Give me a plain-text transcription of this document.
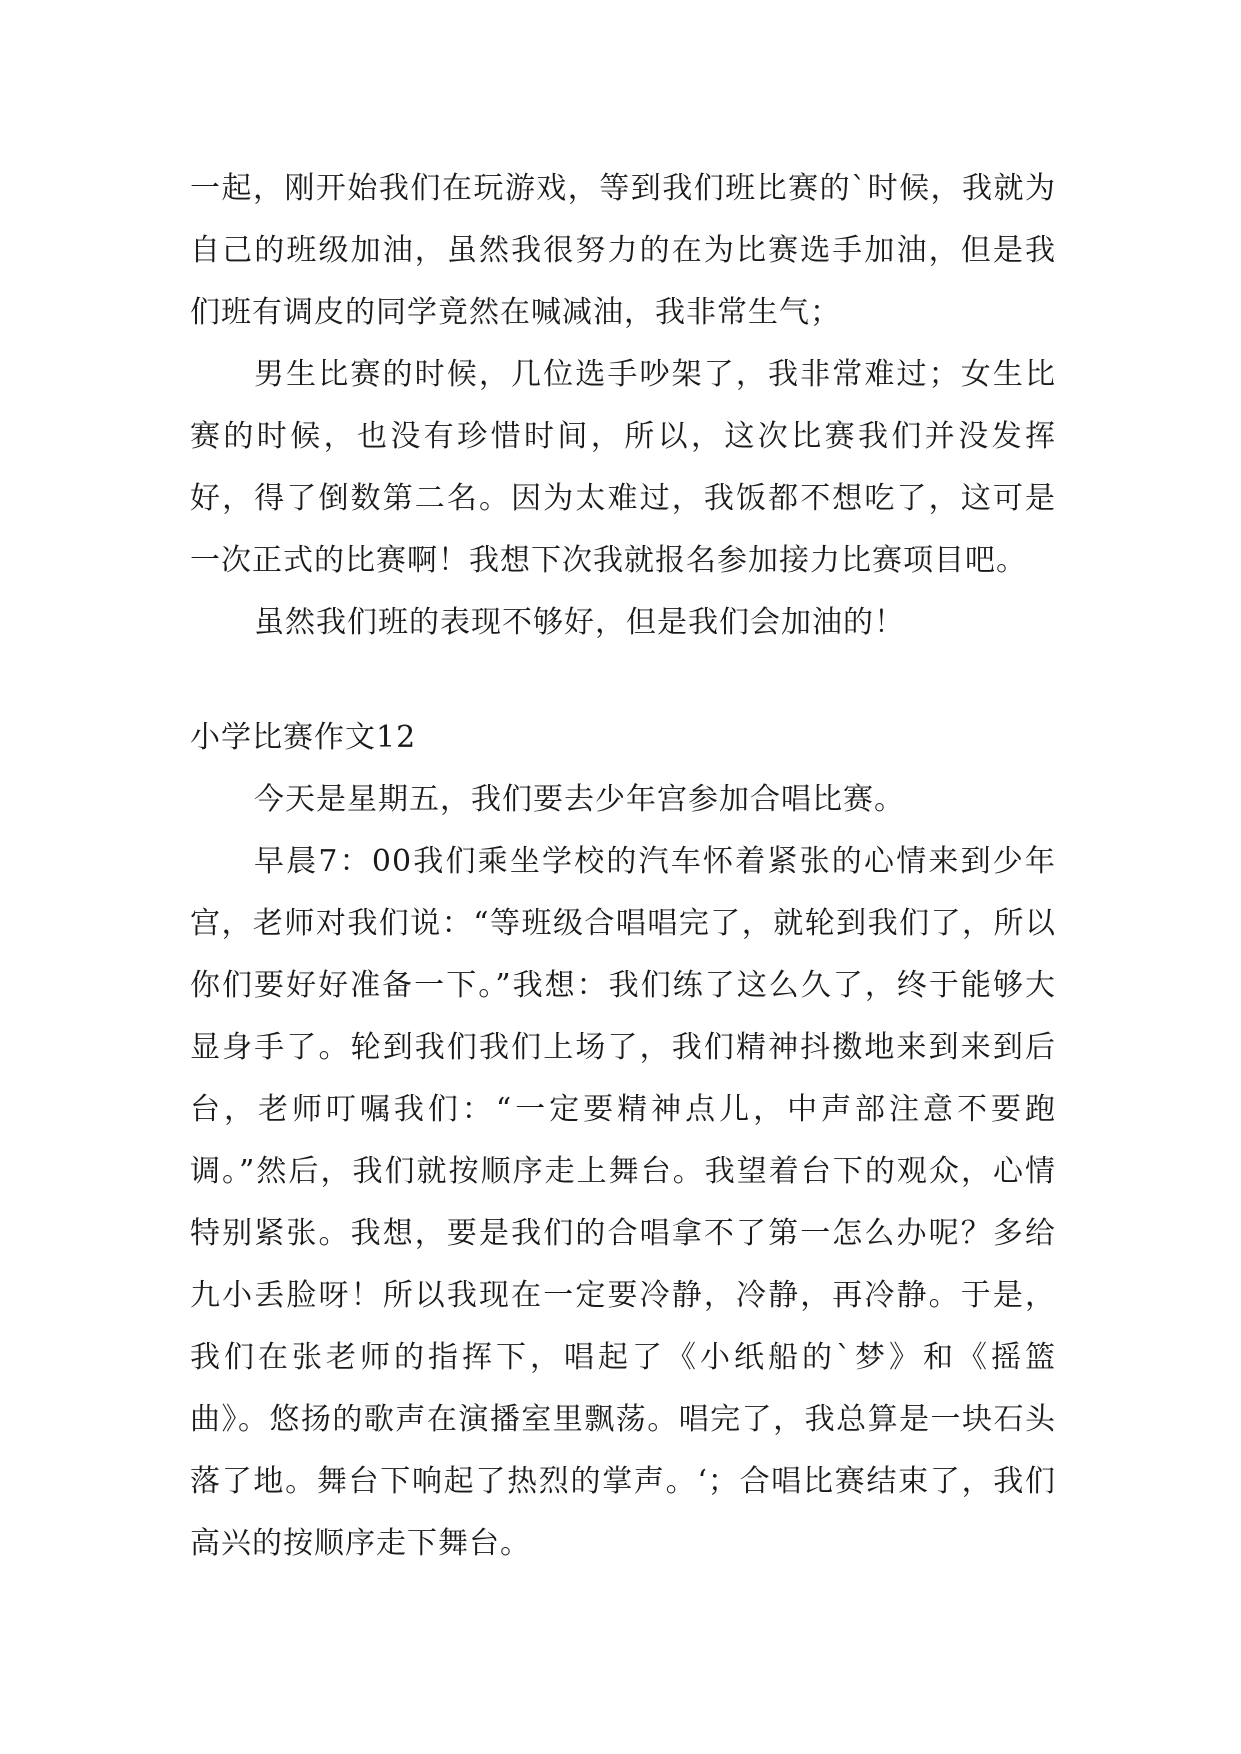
一起，刚开始我们在玩游戏，等到我们班比赛的`时候，我就为自己的班级加油，虽然我很努力的在为比赛选手加油，但是我们班有调皮的同学竟然在喊减油，我非常生气；

男生比赛的时候，几位选手吵架了，我非常难过；女生比赛的时候，也没有珍惜时间，所以，这次比赛我们并没发挥好，得了倒数第二名。因为太难过，我饭都不想吃了，这可是一次正式的比赛啊！我想下次我就报名参加接力比赛项目吧。

虽然我们班的表现不够好，但是我们会加油的！

小学比赛作文12

今天是星期五，我们要去少年宫参加合唱比赛。

早晨7：00我们乘坐学校的汽车怀着紧张的心情来到少年宫，老师对我们说：“等班级合唱唱完了，就轮到我们了，所以你们要好好准备一下。”我想：我们练了这么久了，终于能够大显身手了。轮到我们我们上场了，我们精神抖擞地来到来到后台，老师叮嘱我们：“一定要精神点儿，中声部注意不要跑调。”然后，我们就按顺序走上舞台。我望着台下的观众，心情特别紧张。我想，要是我们的合唱拿不了第一怎么办呢？多给九小丢脸呀！所以我现在一定要冷静，冷静，再冷静。于是，我们在张老师的指挥下，唱起了《小纸船的`梦》和《摇篮曲》。悠扬的歌声在演播室里飘荡。唱完了，我总算是一块石头落了地。舞台下响起了热烈的掌声。‘；合唱比赛结束了，我们高兴的按顺序走下舞台。
